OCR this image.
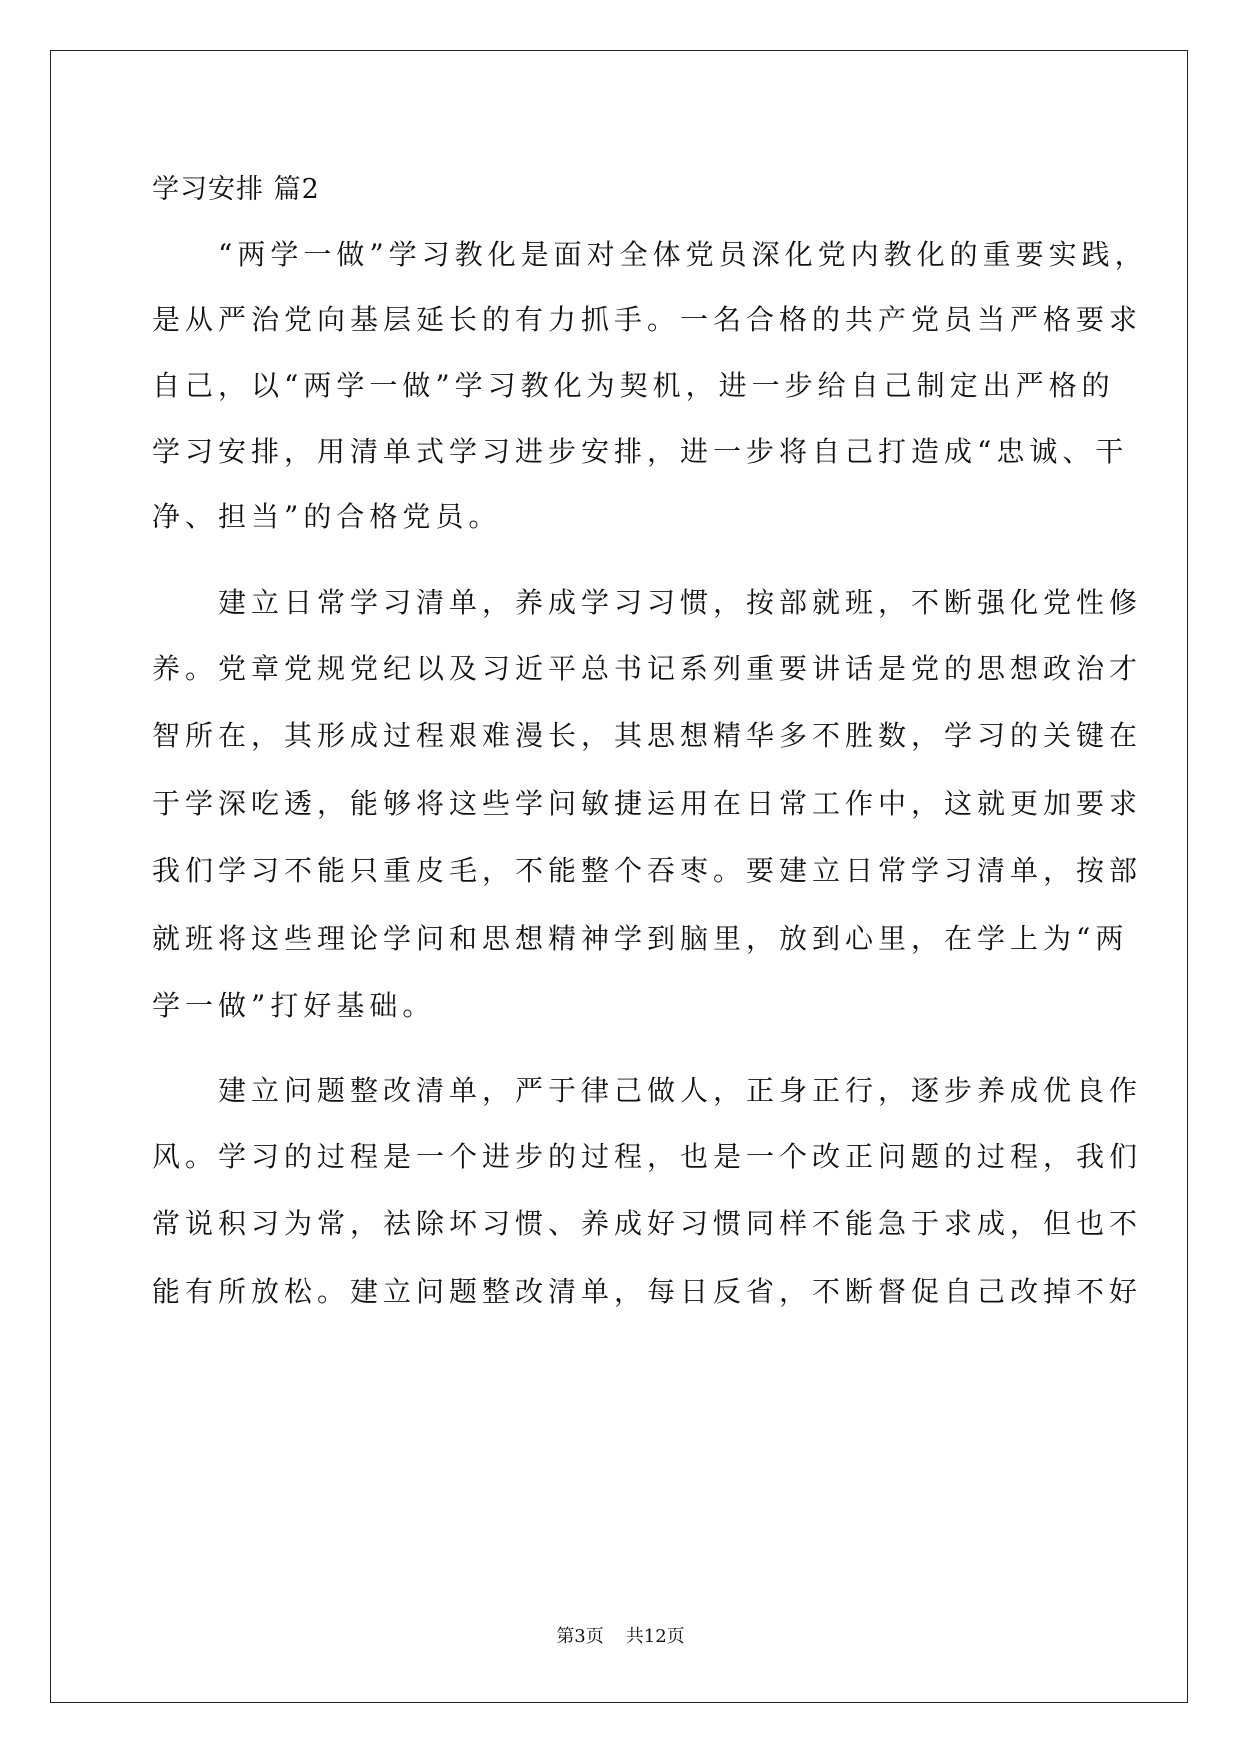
学习安排 篇2
　　“两学一做”学习教化是面对全体党员深化党内教化的重要实践，
是从严治党向基层延长的有力抓手。一名合格的共产党员当严格要求
自己，以“两学一做”学习教化为契机，进一步给自己制定出严格的
学习安排，用清单式学习进步安排，进一步将自己打造成“忠诚、干
净、担当”的合格党员。
　　建立日常学习清单，养成学习习惯，按部就班，不断强化党性修
养。党章党规党纪以及习近平总书记系列重要讲话是党的思想政治才
智所在，其形成过程艰难漫长，其思想精华多不胜数，学习的关键在
于学深吃透，能够将这些学问敏捷运用在日常工作中，这就更加要求
我们学习不能只重皮毛，不能整个吞枣。要建立日常学习清单，按部
就班将这些理论学问和思想精神学到脑里，放到心里，在学上为“两
学一做”打好基础。
　　建立问题整改清单，严于律己做人，正身正行，逐步养成优良作
风。学习的过程是一个进步的过程，也是一个改正问题的过程，我们
常说积习为常，祛除坏习惯、养成好习惯同样不能急于求成，但也不
能有所放松。建立问题整改清单，每日反省，不断督促自己改掉不好
第3页 共12页
